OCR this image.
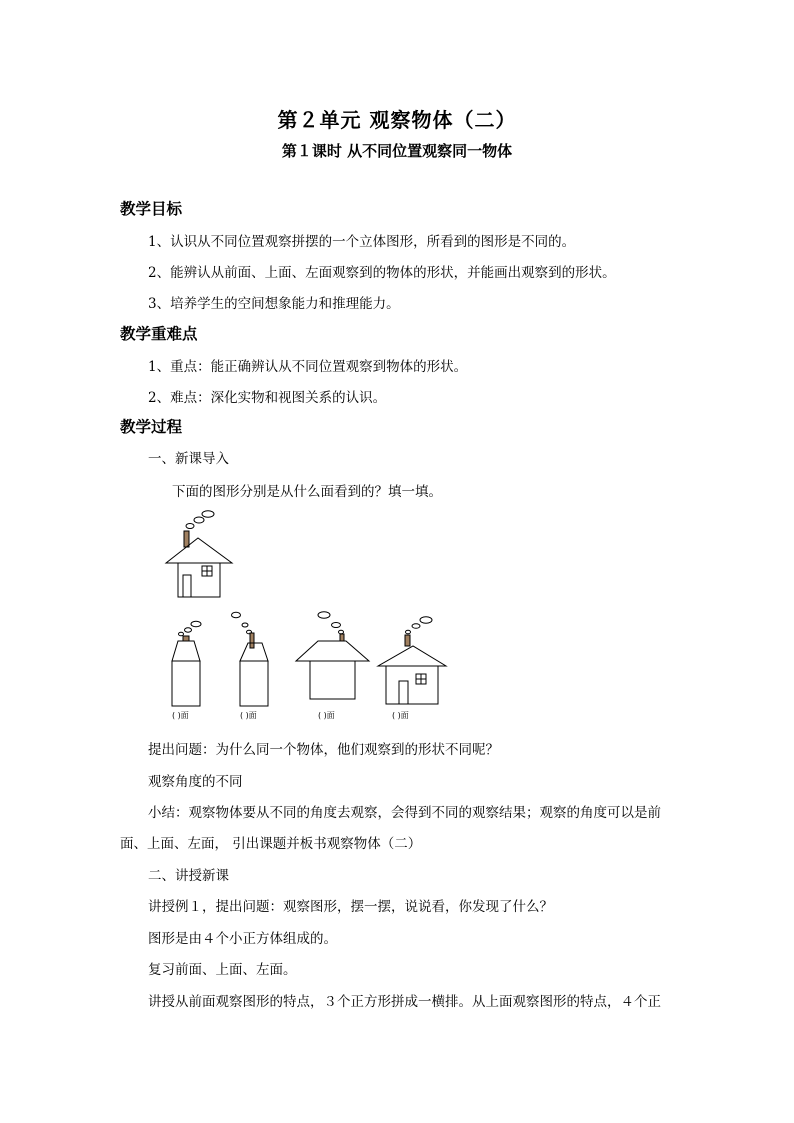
第２单元 观察物体（二）
第１课时 从不同位置观察同一物体
教学目标
1、认识从不同位置观察拼摆的一个立体图形，所看到的图形是不同的。
2、能辨认从前面、上面、左面观察到的物体的形状，并能画出观察到的形状。
3、培养学生的空间想象能力和推理能力。
教学重难点
1、重点：能正确辨认从不同位置观察到物体的形状。
2、难点：深化实物和视图关系的认识。
教学过程
一、新课导入
下面的图形分别是从什么面看到的？填一填。
( )面	( )面	( )面	( )面
提出问题：为什么同一个物体，他们观察到的形状不同呢？
观察角度的不同
小结：观察物体要从不同的角度去观察，会得到不同的观察结果；观察的角度可以是前
面、上面、左面， 引出课题并板书观察物体（二）
二、讲授新课
讲授例１，提出问题：观察图形，摆一摆，说说看，你发现了什么？
图形是由４个小正方体组成的。
复习前面、上面、左面。
讲授从前面观察图形的特点，３个正方形拼成一横排。从上面观察图形的特点，４个正
